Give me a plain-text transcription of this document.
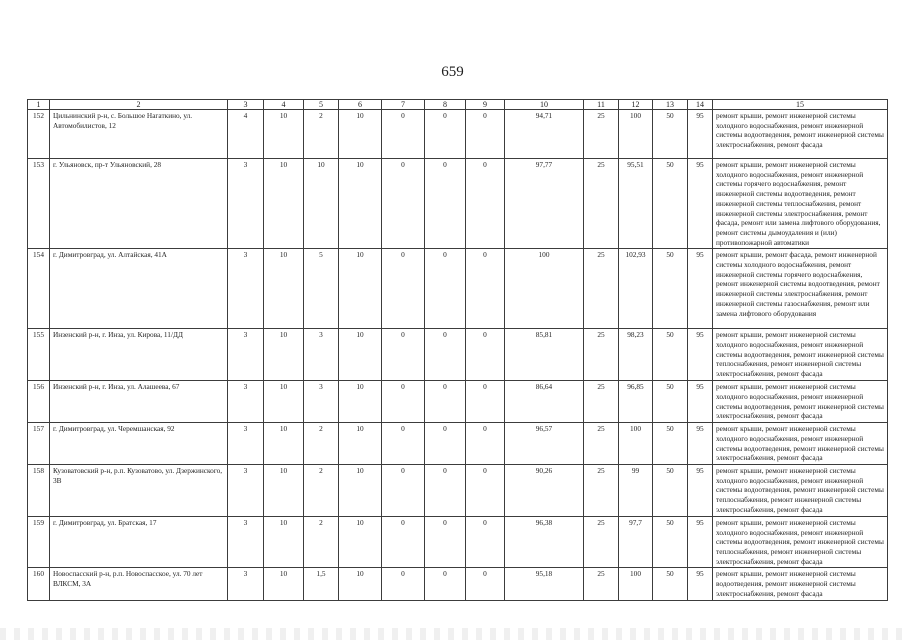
659
1	2	3	4	5	6	7	8	9	10	11	12	13	14	15
152	Цильнинский р-н, с. Большое Нагаткино, ул. Автомобилистов, 12	4	10	2	10	0	0	0	94,71	25	100	50	95	ремонт крыши, ремонт инженерной системы холодного водоснабжения, ремонт инженерной системы водоотведения, ремонт инженерной системы электроснабжения, ремонт фасада
153	г. Ульяновск, пр-т Ульяновский, 28	3	10	10	10	0	0	0	97,77	25	95,51	50	95	ремонт крыши, ремонт инженерной системы холодного водоснабжения, ремонт инженерной системы горячего водоснабжения, ремонт инженерной системы водоотведения, ремонт инженерной системы теплоснабжения, ремонт инженерной системы электроснабжения, ремонт фасада, ремонт или замена лифтового оборудования, ремонт системы дымоудаления и (или) противопожарной автоматики
154	г. Димитровград, ул. Алтайская, 41А	3	10	5	10	0	0	0	100	25	102,93	50	95	ремонт крыши, ремонт фасада, ремонт инженерной системы холодного водоснабжения, ремонт инженерной системы горячего водоснабжения, ремонт инженерной системы водоотведения, ремонт инженерной системы электроснабжения, ремонт инженерной системы газоснабжения, ремонт или замена лифтового оборудования
155	Инзенский р-н, г. Инза, ул. Кирова, 11/ДД	3	10	3	10	0	0	0	85,81	25	98,23	50	95	ремонт крыши, ремонт инженерной системы холодного водоснабжения, ремонт инженерной системы водоотведения, ремонт инженерной системы теплоснабжения, ремонт инженерной системы электроснабжения, ремонт фасада
156	Инзенский р-н, г. Инза, ул. Алашеева, 67	3	10	3	10	0	0	0	86,64	25	96,85	50	95	ремонт крыши, ремонт инженерной системы холодного водоснабжения, ремонт инженерной системы водоотведения, ремонт инженерной системы электроснабжения, ремонт фасада
157	г. Димитровград, ул. Черемшанская, 92	3	10	2	10	0	0	0	96,57	25	100	50	95	ремонт крыши, ремонт инженерной системы холодного водоснабжения, ремонт инженерной системы водоотведения, ремонт инженерной системы электроснабжения, ремонт фасада
158	Кузоватовский р-н, р.п. Кузоватово, ул. Дзержинского, 3В	3	10	2	10	0	0	0	90,26	25	99	50	95	ремонт крыши, ремонт инженерной системы холодного водоснабжения, ремонт инженерной системы водоотведения, ремонт инженерной системы теплоснабжения, ремонт инженерной системы электроснабжения, ремонт фасада
159	г. Димитровград, ул. Братская, 17	3	10	2	10	0	0	0	96,38	25	97,7	50	95	ремонт крыши, ремонт инженерной системы холодного водоснабжения, ремонт инженерной системы водоотведения, ремонт инженерной системы теплоснабжения, ремонт инженерной системы электроснабжения, ремонт фасада
160	Новоспасский р-н, р.п. Новоспасское, ул. 70 лет ВЛКСМ, 3А	3	10	1,5	10	0	0	0	95,18	25	100	50	95	ремонт крыши, ремонт инженерной системы водоотведения, ремонт инженерной системы электроснабжения, ремонт фасада
